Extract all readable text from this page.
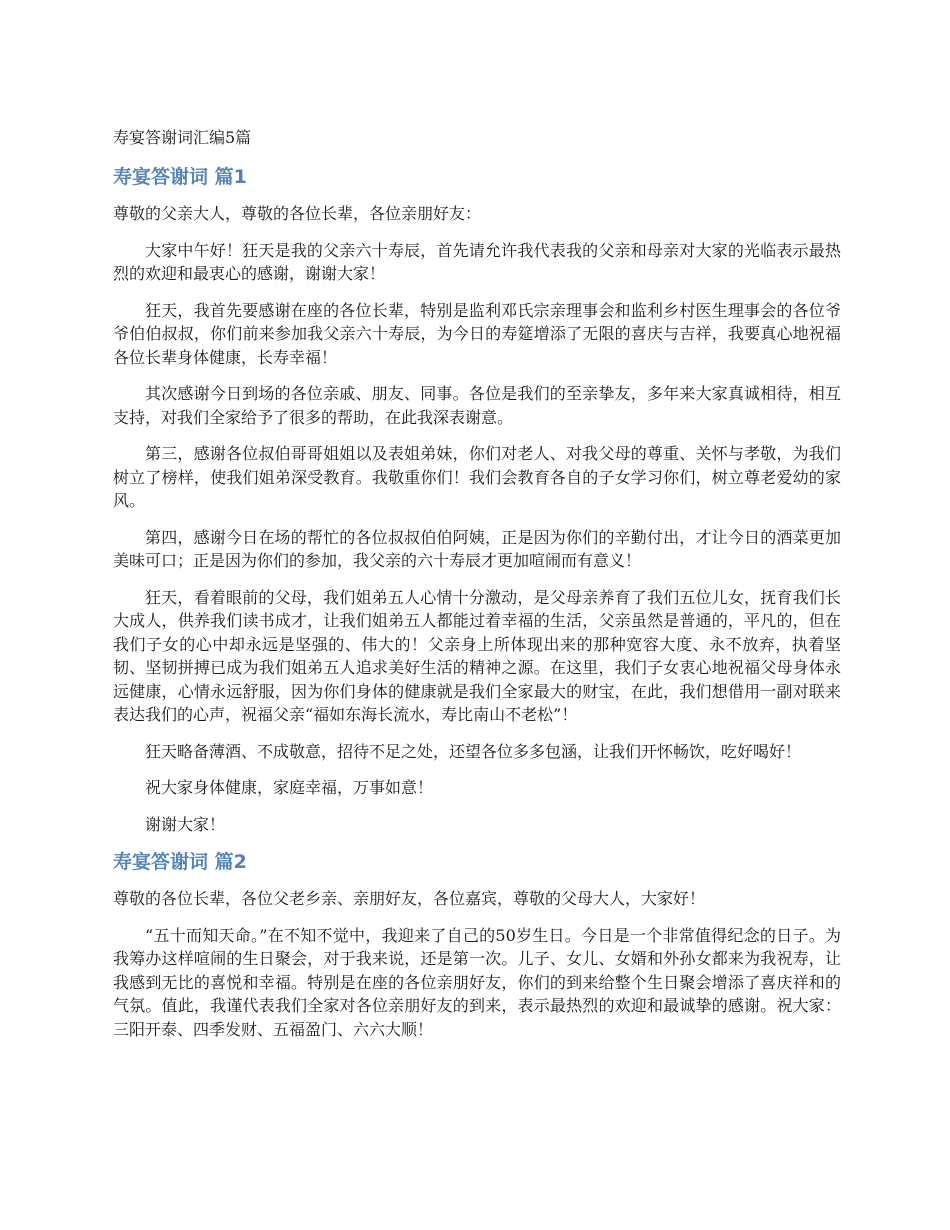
寿宴答谢词汇编5篇
寿宴答谢词 篇1

尊敬的父亲大人，尊敬的各位长辈，各位亲朋好友：

大家中午好！狂天是我的父亲六十寿辰，首先请允许我代表我的父亲和母亲对大家的光临表示最热烈的欢迎和最衷心的感谢，谢谢大家！

狂天，我首先要感谢在座的各位长辈，特别是监利邓氏宗亲理事会和监利乡村医生理事会的各位爷爷伯伯叔叔，你们前来参加我父亲六十寿辰，为今日的寿筵增添了无限的喜庆与吉祥，我要真心地祝福各位长辈身体健康，长寿幸福！

其次感谢今日到场的各位亲戚、朋友、同事。各位是我们的至亲挚友，多年来大家真诚相待，相互支持，对我们全家给予了很多的帮助，在此我深表谢意。

第三，感谢各位叔伯哥哥姐姐以及表姐弟妹，你们对老人、对我父母的尊重、关怀与孝敬，为我们树立了榜样，使我们姐弟深受教育。我敬重你们！我们会教育各自的子女学习你们，树立尊老爱幼的家风。

第四，感谢今日在场的帮忙的各位叔叔伯伯阿姨，正是因为你们的辛勤付出，才让今日的酒菜更加美味可口；正是因为你们的参加，我父亲的六十寿辰才更加喧闹而有意义！

狂天，看着眼前的父母，我们姐弟五人心情十分激动，是父母亲养育了我们五位儿女，抚育我们长大成人，供养我们读书成才，让我们姐弟五人都能过着幸福的生活，父亲虽然是普通的，平凡的，但在我们子女的心中却永远是坚强的、伟大的！父亲身上所体现出来的那种宽容大度、永不放弃，执着坚韧、坚韧拼搏已成为我们姐弟五人追求美好生活的精神之源。在这里，我们子女衷心地祝福父母身体永远健康，心情永远舒服，因为你们身体的健康就是我们全家最大的财宝，在此，我们想借用一副对联来表达我们的心声，祝福父亲“福如东海长流水，寿比南山不老松”！

狂天略备薄酒、不成敬意，招待不足之处，还望各位多多包涵，让我们开怀畅饮，吃好喝好！

祝大家身体健康，家庭幸福，万事如意！

谢谢大家！

寿宴答谢词 篇2

尊敬的各位长辈，各位父老乡亲、亲朋好友，各位嘉宾，尊敬的父母大人，大家好！

“五十而知天命。”在不知不觉中，我迎来了自己的50岁生日。今日是一个非常值得纪念的日子。为我筹办这样喧闹的生日聚会，对于我来说，还是第一次。儿子、女儿、女婿和外孙女都来为我祝寿，让我感到无比的喜悦和幸福。特别是在座的各位亲朋好友，你们的到来给整个生日聚会增添了喜庆祥和的气氛。值此，我谨代表我们全家对各位亲朋好友的到来，表示最热烈的欢迎和最诚挚的感谢。祝大家：三阳开泰、四季发财、五福盈门、六六大顺！
